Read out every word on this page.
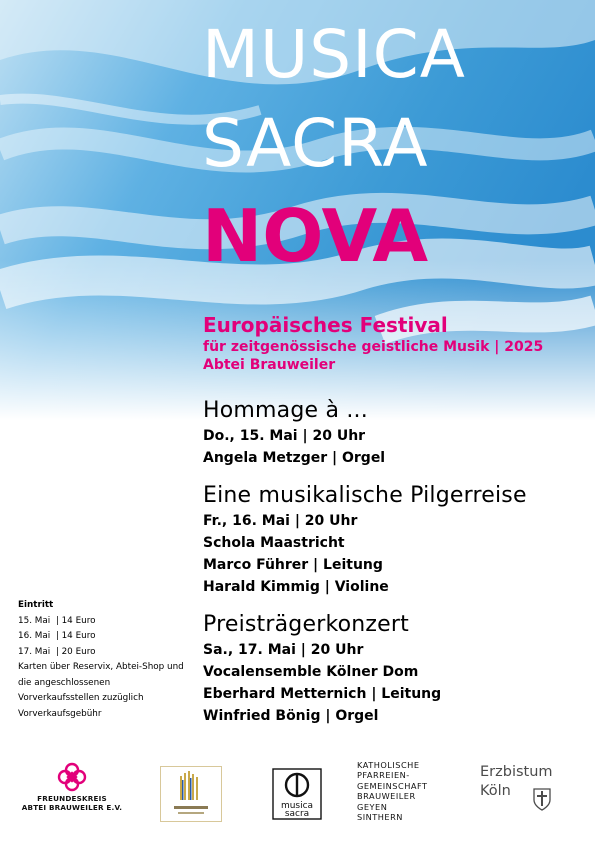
MUSICA
SACRA
NOVA
Europäisches Festival
für zeitgenössische geistliche Musik | 2025
Abtei Brauweiler
Hommage à ...
Do., 15. Mai | 20 Uhr
Angela Metzger | Orgel
Eine musikalische Pilgerreise
Fr., 16. Mai | 20 Uhr
Schola Maastricht
Marco Führer | Leitung
Harald Kimmig | Violine
Preisträgerkonzert
Sa., 17. Mai | 20 Uhr
Vocalensemble Kölner Dom
Eberhard Metternich | Leitung
Winfried Bönig | Orgel
Eintritt
15. Mai | 14 Euro
16. Mai | 14 Euro
17. Mai | 20 Euro
Karten über Reservix, Abtei-Shop und die angeschlossenen Vorverkaufsstellen zuzüglich Vorverkaufsgebühr
FREUNDESKREIS
ABTEI BRAUWEILER E.V.	musica
sacra
KATHOLISCHE
PFARREIEN-
GEMEINSCHAFT
BRAUWEILER
GEYEN
SINTHERN
Erzbistum
Köln
